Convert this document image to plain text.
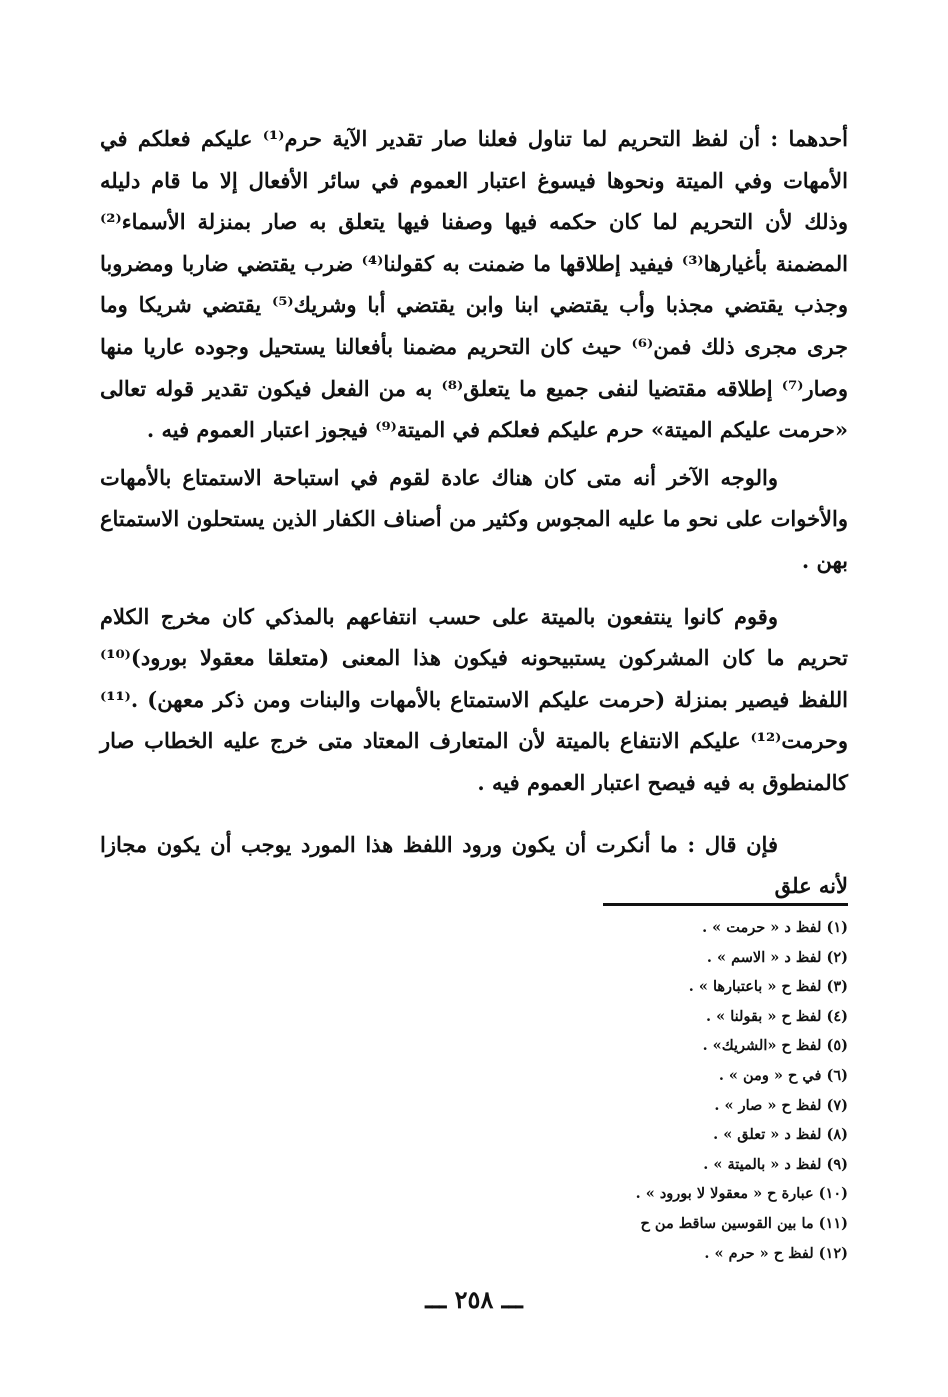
أحدهما : أن لفظ التحريم لما تناول فعلنا صار تقدير الآية حرم⁽¹⁾ عليكم فعلكم في الأمهات وفي الميتة ونحوها فيسوغ اعتبار العموم في سائر الأفعال إلا ما قام دليله وذلك لأن التحريم لما كان حكمه فيها وصفنا فيها يتعلق به صار بمنزلة الأسماء⁽²⁾ المضمنة بأغيارها⁽³⁾ فيفيد إطلاقها ما ضمنت به كقولنا⁽⁴⁾ ضرب يقتضي ضاربا ومضروبا وجذب يقتضي مجذبا وأب يقتضي ابنا وابن يقتضي أبا وشريك⁽⁵⁾ يقتضي شريكا وما جرى مجرى ذلك فمن⁽⁶⁾ حيث كان التحريم مضمنا بأفعالنا يستحيل وجوده عاريا منها وصار⁽⁷⁾ إطلاقه مقتضيا لنفى جميع ما يتعلق⁽⁸⁾ به من الفعل فيكون تقدير قوله تعالى «حرمت عليكم الميتة» حرم عليكم فعلكم في الميتة⁽⁹⁾ فيجوز اعتبار العموم فيه .

والوجه الآخر أنه متى كان هناك عادة لقوم في استباحة الاستمتاع بالأمهات والأخوات على نحو ما عليه المجوس وكثير من أصناف الكفار الذين يستحلون الاستمتاع بهن .

وقوم كانوا ينتفعون بالميتة على حسب انتفاعهم بالمذكي كان مخرج الكلام تحريم ما كان المشركون يستبيحونه فيكون هذا المعنى (متعلقا معقولا بورود)⁽¹⁰⁾ اللفظ فيصير بمنزلة (حرمت عليكم الاستمتاع بالأمهات والبنات ومن ذكر معهن) .⁽¹¹⁾ وحرمت⁽¹²⁾ عليكم الانتفاع بالميتة لأن المتعارف المعتاد متى خرج عليه الخطاب صار كالمنطوق به فيه فيصح اعتبار العموم فيه .

فإن قال : ما أنكرت أن يكون ورود اللفظ هذا المورد يوجب أن يكون مجازا لأنه علق

(١) لفظ د « حرمت » .
(٢) لفظ د « الاسم » .
(٣) لفظ ح « باعتبارها » .
(٤) لفظ ح « بقولنا » .
(٥) لفظ ح «الشريك» .
(٦) في ح « ومن » .
(٧) لفظ ح « صار » .
(٨) لفظ د « تعلق » .
(٩) لفظ د « بالميتة » .
(١٠) عبارة ح « معقولا لا بورود » .
(١١) ما بين القوسين ساقط من ح
(١٢) لفظ ح « حرم » .
ـــ ٢٥٨ ـــ
